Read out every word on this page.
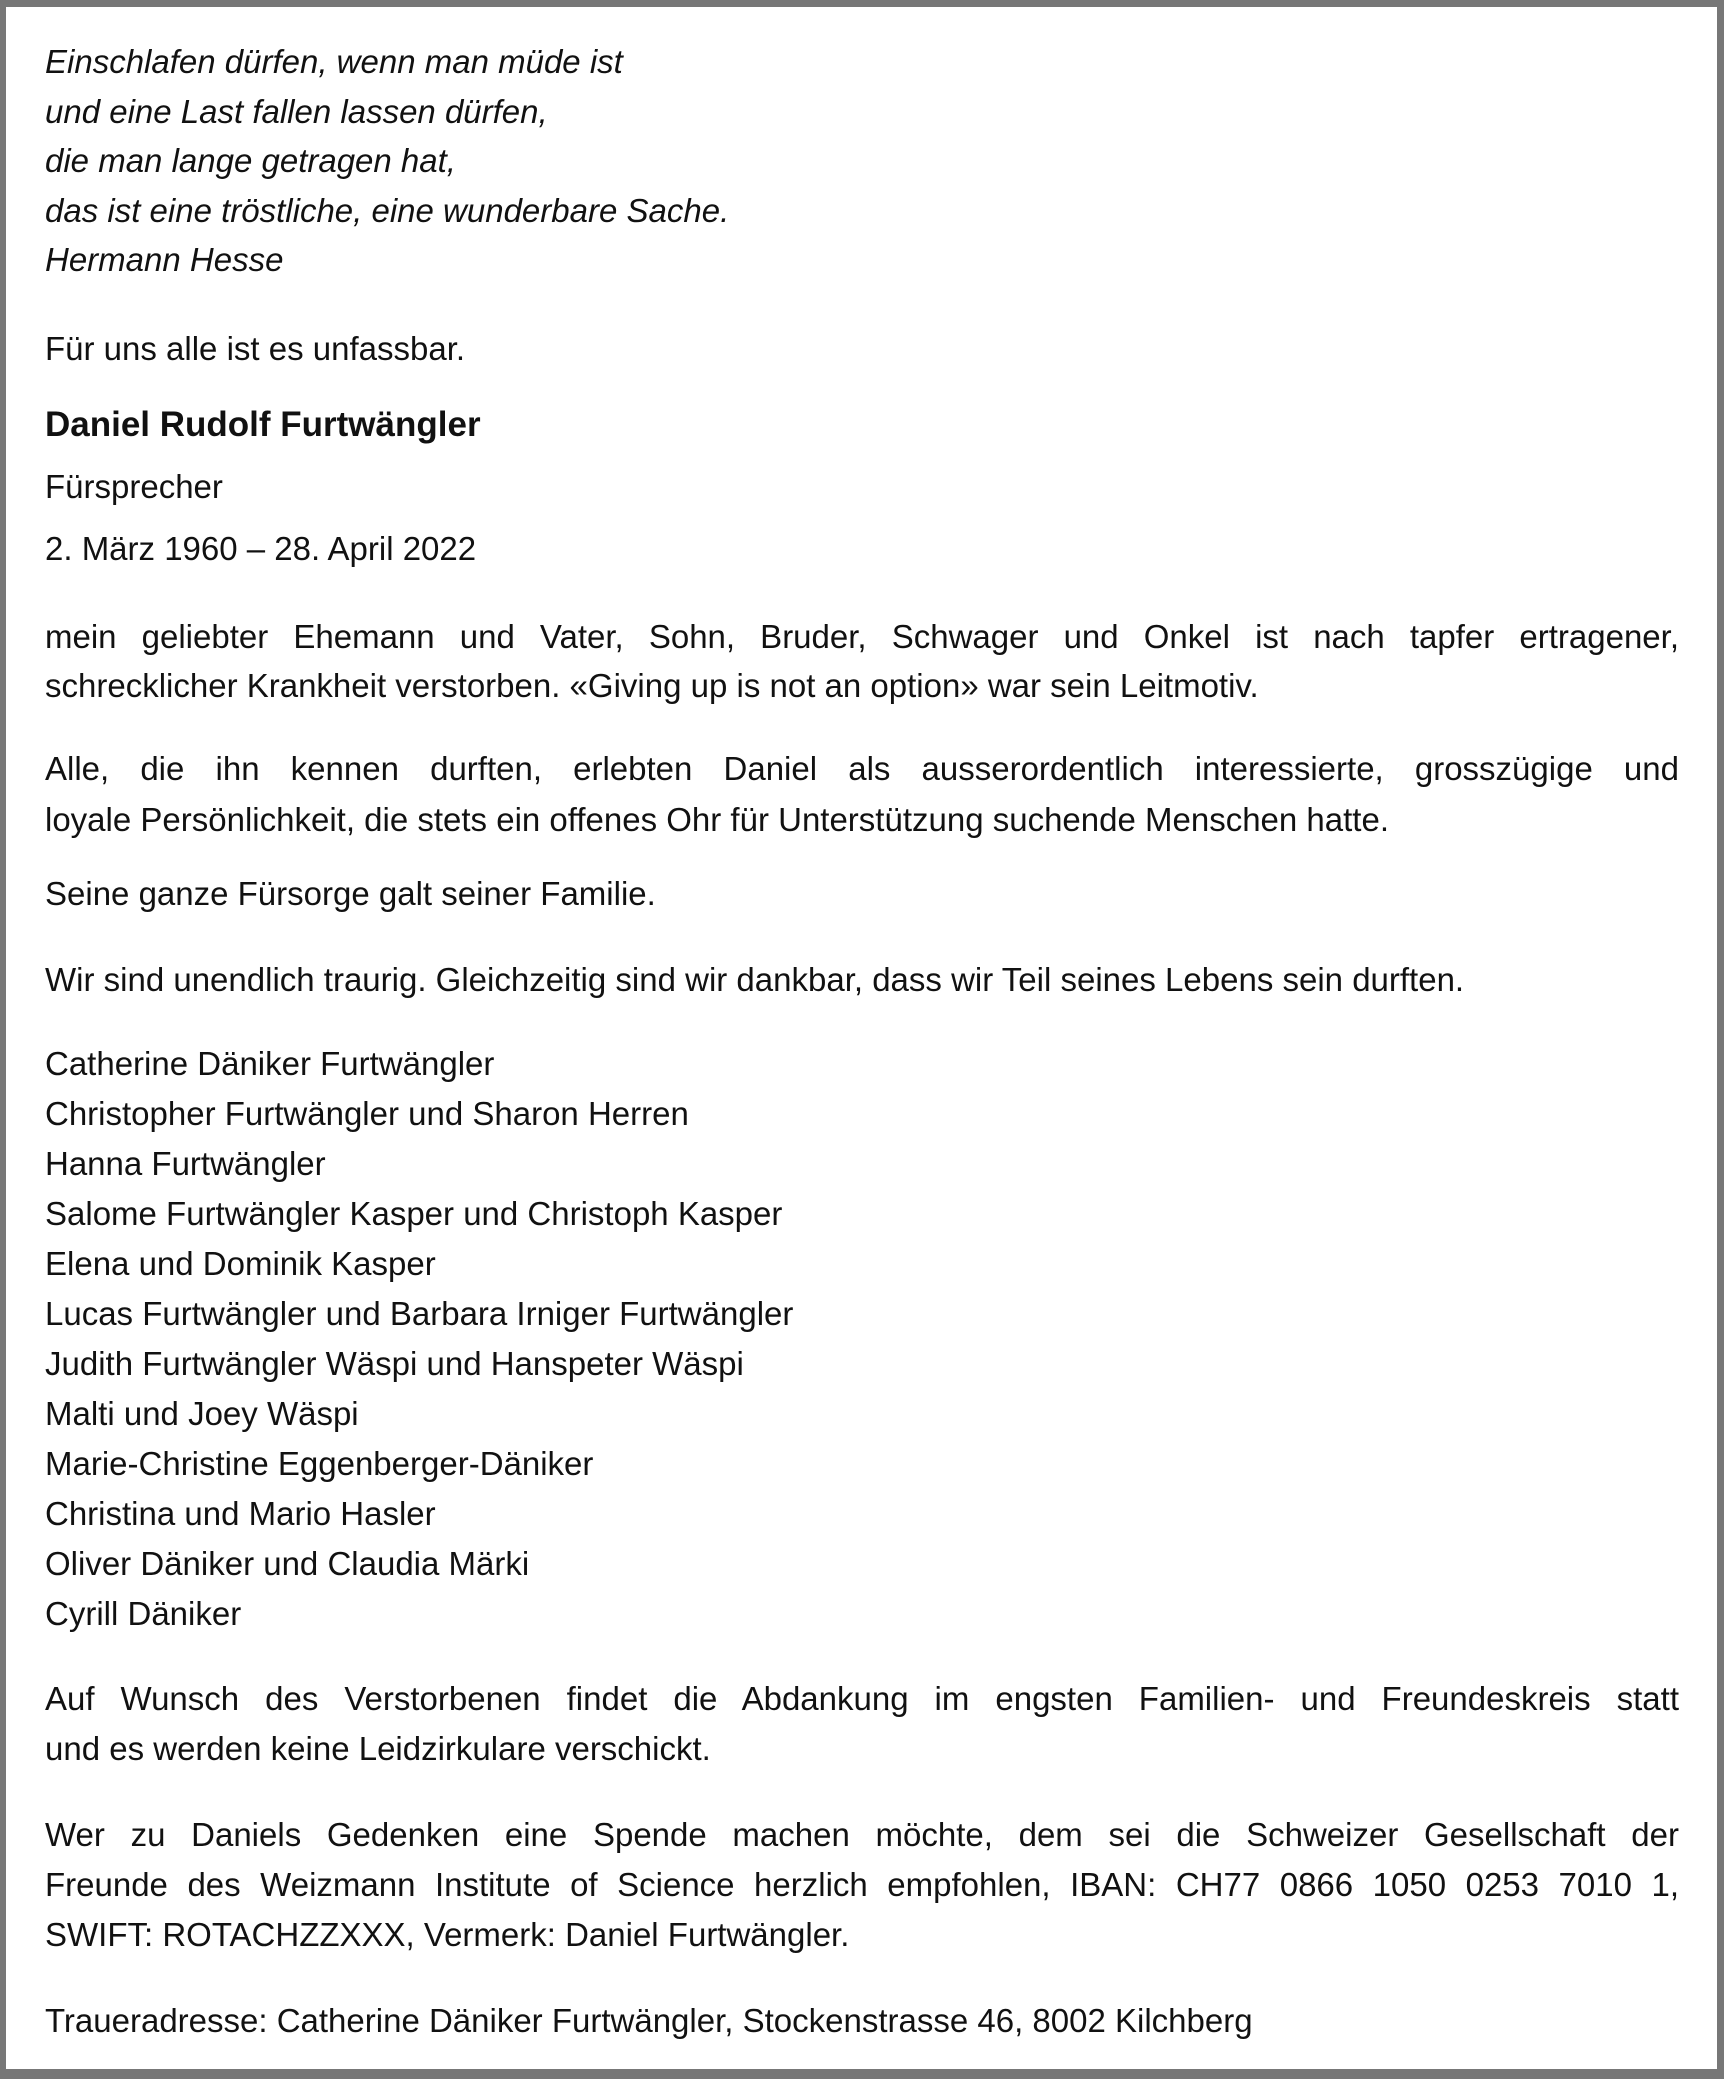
Einschlafen dürfen, wenn man müde ist
und eine Last fallen lassen dürfen,
die man lange getragen hat,
das ist eine tröstliche, eine wunderbare Sache.
Hermann Hesse
Für uns alle ist es unfassbar.
Daniel Rudolf Furtwängler
Fürsprecher
2. März 1960 – 28. April 2022
mein geliebter Ehemann und Vater, Sohn, Bruder, Schwager und Onkel ist nach tapfer ertragener,
schrecklicher Krankheit verstorben. «Giving up is not an option» war sein Leitmotiv.
Alle, die ihn kennen durften, erlebten Daniel als ausserordentlich interessierte, grosszügige und
loyale Persönlichkeit, die stets ein offenes Ohr für Unterstützung suchende Menschen hatte.
Seine ganze Fürsorge galt seiner Familie.
Wir sind unendlich traurig. Gleichzeitig sind wir dankbar, dass wir Teil seines Lebens sein durften.
Catherine Däniker Furtwängler
Christopher Furtwängler und Sharon Herren
Hanna Furtwängler
Salome Furtwängler Kasper und Christoph Kasper
Elena und Dominik Kasper
Lucas Furtwängler und Barbara Irniger Furtwängler
Judith Furtwängler Wäspi und Hanspeter Wäspi
Malti und Joey Wäspi
Marie-Christine Eggenberger-Däniker
Christina und Mario Hasler
Oliver Däniker und Claudia Märki
Cyrill Däniker
Auf Wunsch des Verstorbenen findet die Abdankung im engsten Familien- und Freundeskreis statt
und es werden keine Leidzirkulare verschickt.
Wer zu Daniels Gedenken eine Spende machen möchte, dem sei die Schweizer Gesellschaft der
Freunde des Weizmann Institute of Science herzlich empfohlen, IBAN: CH77 0866 1050 0253 7010 1,
SWIFT: ROTACHZZXXX, Vermerk: Daniel Furtwängler.
Traueradresse: Catherine Däniker Furtwängler, Stockenstrasse 46, 8002 Kilchberg
